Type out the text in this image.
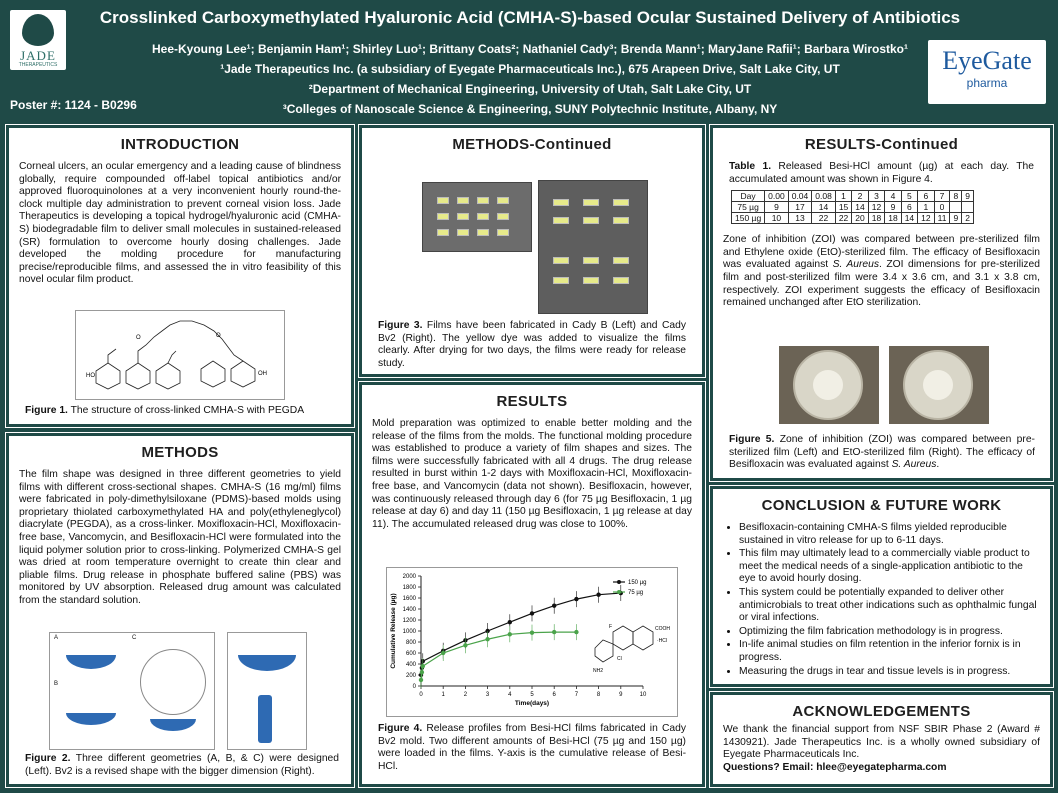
JADE
THERAPEUTICS
Crosslinked Carboxymethylated Hyaluronic Acid (CMHA-S)-based Ocular Sustained Delivery of Antibiotics
Hee-Kyoung Lee¹; Benjamin Ham¹; Shirley Luo¹; Brittany Coats²; Nathaniel Cady³; Brenda Mann¹; MaryJane Rafii¹; Barbara Wirostko¹
¹Jade Therapeutics Inc. (a subsidiary of Eyegate Pharmaceuticals Inc.), 675 Arapeen Drive, Salt Lake City, UT
²Department of Mechanical Engineering, University of Utah, Salt Lake City, UT
³Colleges of Nanoscale Science & Engineering, SUNY Polytechnic Institute, Albany, NY
Poster #: 1124 - B0296
EyeGate
pharma
INTRODUCTION

Corneal ulcers, an ocular emergency and a leading cause of blindness globally, require compounded off-label topical antibiotics and/or approved fluoroquinolones at a very inconvenient hourly round-the-clock multiple day administration to prevent corneal vision loss. Jade Therapeutics is developing a topical hydrogel/hyaluronic acid (CMHA-S) biodegradable film to deliver small molecules in sustained-released (SR) formulation to overcome hourly dosing challenges. Jade developed the molding procedure for manufacturing precise/reproducible films, and assessed the in vitro feasibility of this novel ocular film product.

O	O
HO	OH

Figure 1. The structure of cross-linked CMHA-S with PEGDA

METHODS

The film shape was designed in three different geometries to yield films with different cross-sectional shapes. CMHA-S (16 mg/ml) films were fabricated in poly-dimethylsiloxane (PDMS)-based molds using proprietary thiolated carboxymethylated HA and poly(ethyleneglycol) diacrylate (PEGDA), as a cross-linker. Moxifloxacin-HCl, Moxifloxacin-free base, Vancomycin, and Besifloxacin-HCl were formulated into the liquid polymer solution prior to cross-linking. Polymerized CMHA-S gel was dried at room temperature overnight to create thin clear and pliable films. Drug release in phosphate buffered saline (PBS) was monitored by UV absorption. Released drug amount was calculated from the standard solution.

A
B
C

Figure 2. Three different geometries (A, B, & C) were designed (Left). Bv2 is a revised shape with the bigger dimension (Right).

METHODS-Continued

Figure 3. Films have been fabricated in Cady B (Left) and Cady Bv2 (Right). The yellow dye was added to visualize the films clearly. After drying for two days, the films were ready for release study.

RESULTS

Mold preparation was optimized to enable better molding and the release of the films from the molds. The functional molding procedure was established to produce a variety of film shapes and sizes. The films were successfully fabricated with all 4 drugs. The drug release resulted in burst within 1-2 days with Moxifloxacin-HCl, Moxifloxacin-free base, and Vancomycin (data not shown). Besifloxacin, however, was continuously released through day 6 (for 75 µg Besifloxacin, 1 µg release at day 6) and day 11 (150 µg Besifloxacin, 1 µg release at day 11). The accumulated released drug was close to 100%.

0
200
400
600
800
1000
1200
1400
1600
1800
2000
0	1	2	3	4	5	6	7	8	9	10
Time(days)
Cumulative Release (µg)
150 µg
75 µg
F
Cl
COOH
·HCl
NH2

Figure 4. Release profiles from Besi-HCl films fabricated in Cady Bv2 mold. Two different amounts of Besi-HCl (75 µg and 150 µg) were loaded in the films. Y-axis is the cumulative release of Besi-HCl.

RESULTS-Continued

Table 1. Released Besi-HCl amount (µg) at each day. The accumulated amount was shown in Figure 4.

Day	0.00	0.04	0.08	1	2	3	4	5	6	7	8	9
75 µg	9	17	14	15	14	12	9	6	1	0		
150 µg	10	13	22	22	20	18	18	14	12	11	9	2

Zone of inhibition (ZOI) was compared between pre-sterilized film and Ethylene oxide (EtO)-sterilized film. The efficacy of Besifloxacin was evaluated against S. Aureus. ZOI dimensions for pre-sterilized film and post-sterilized film were 3.4 x 3.6 cm, and 3.1 x 3.8 cm, respectively. ZOI experiment suggests the efficacy of Besifloxacin remained unchanged after EtO sterilization.

Figure 5. Zone of inhibition (ZOI) was compared between pre-sterilized film (Left) and EtO-sterilized film (Right). The efficacy of Besifloxacin was evaluated against S. Aureus.

CONCLUSION & FUTURE WORK
• Besifloxacin-containing CMHA-S films yielded reproducible sustained in vitro release for up to 6-11 days.
• This film may ultimately lead to a commercially viable product to meet the medical needs of a single-application antibiotic to the eye to avoid hourly dosing.
• This system could be potentially expanded to deliver other antimicrobials to treat other indications such as ophthalmic fungal or viral infections.
• Optimizing the film fabrication methodology is in progress.
• In-life animal studies on film retention in the inferior fornix is in progress.
• Measuring the drugs in tear and tissue levels is in progress.
ACKNOWLEDGEMENTS

We thank the financial support from NSF SBIR Phase 2 (Award # 1430921). Jade Therapeutics Inc. is a wholly owned subsidiary of Eyegate Pharmaceuticals Inc.

Questions? Email: hlee@eyegatepharma.com
